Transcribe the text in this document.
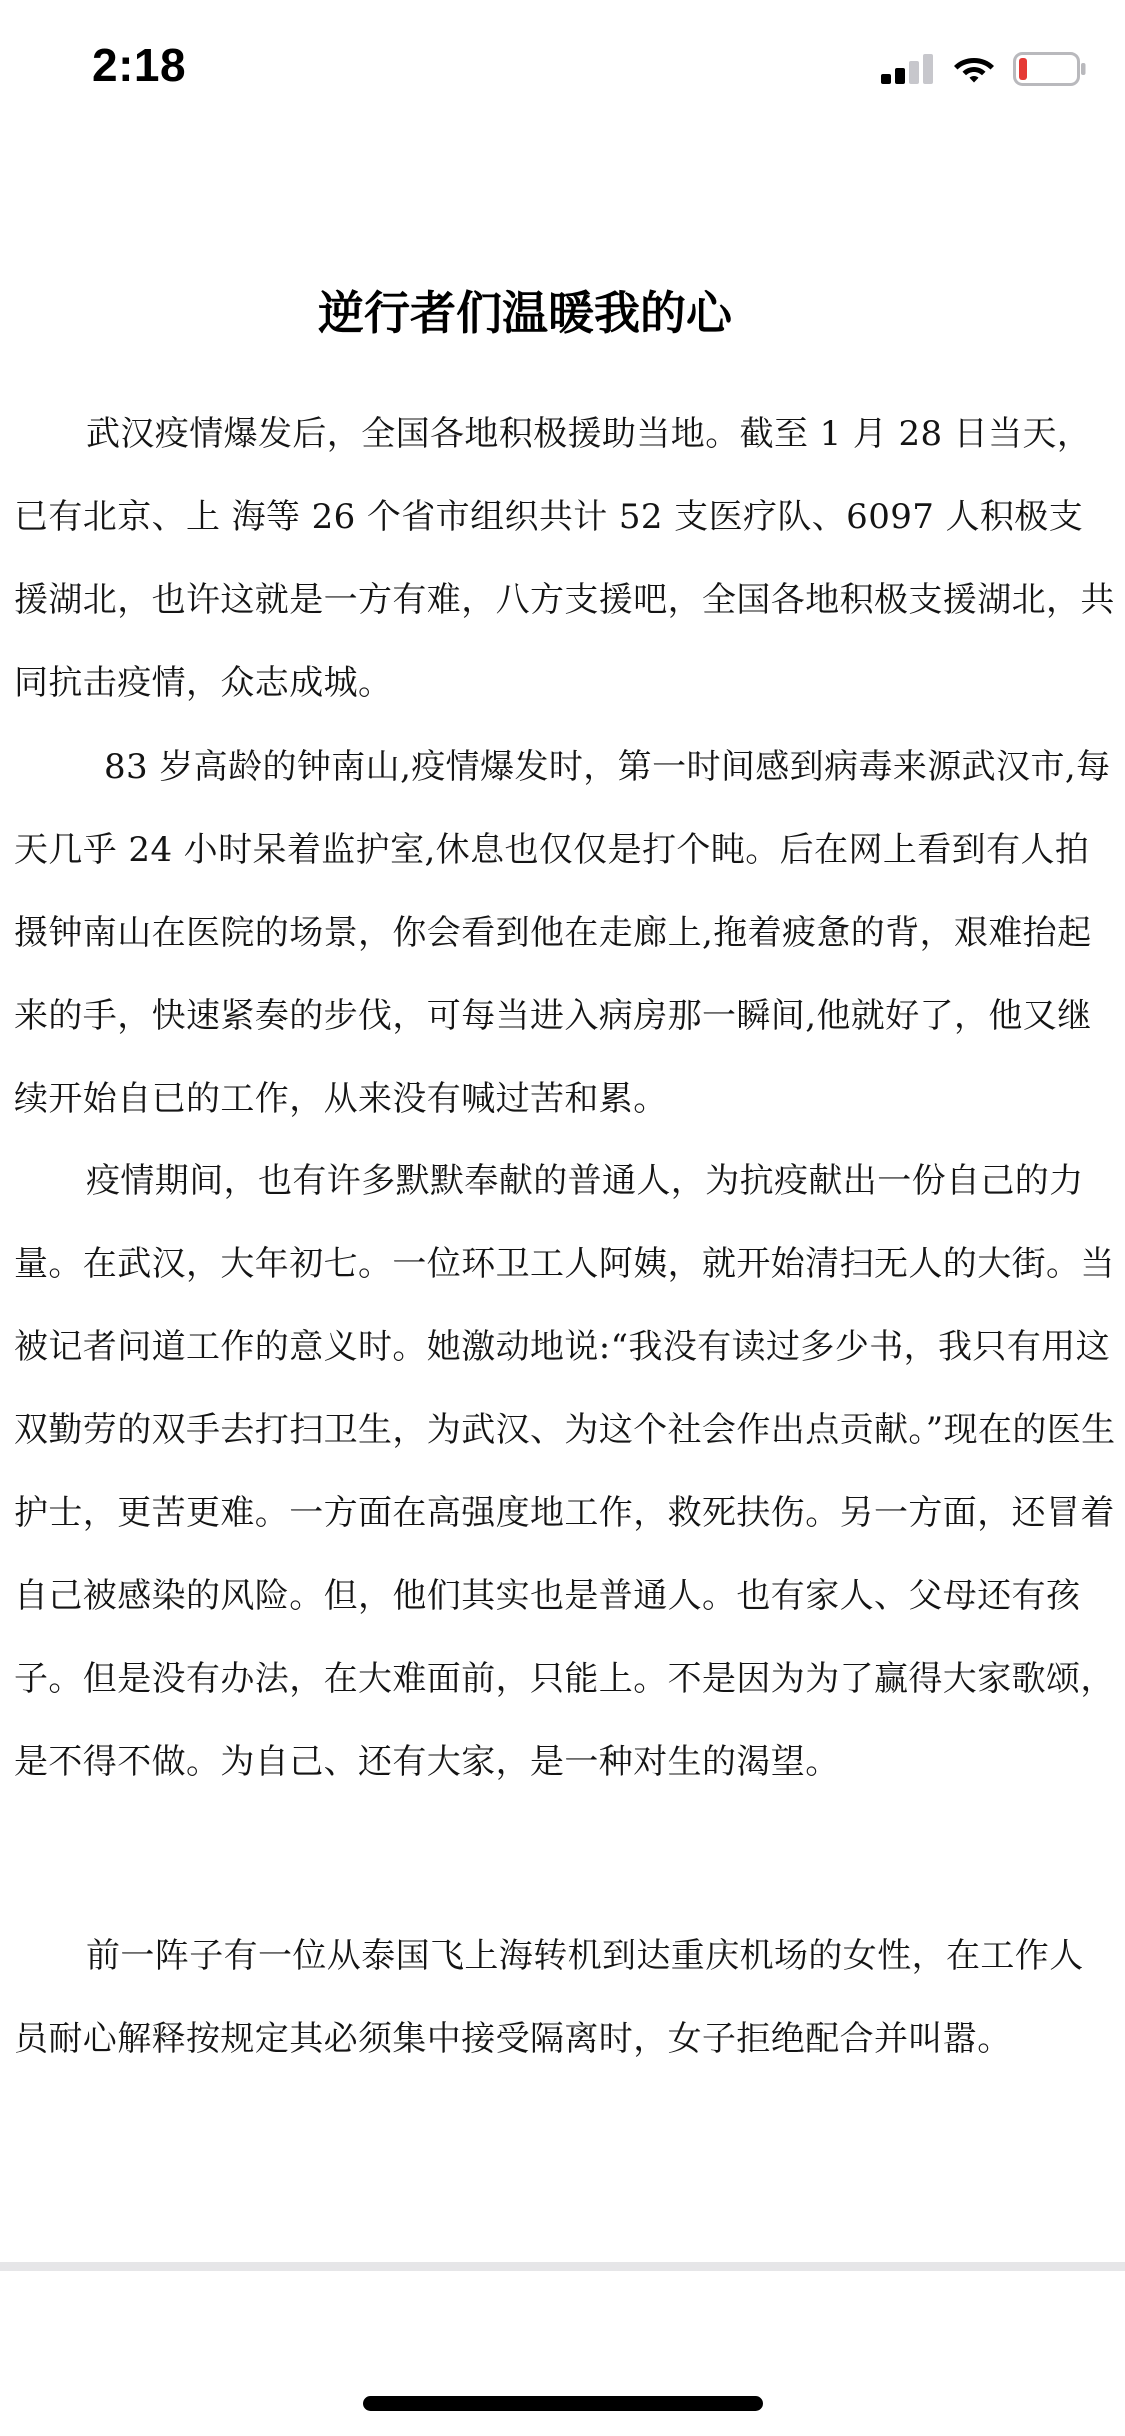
2:18
逆行者们温暖我的心

武汉疫情爆发后，全国各地积极援助当地。截至 1 月 28 日当天，已有北京、上 海等 26 个省市组织共计 52 支医疗队、6097 人积极支援湖北，也许这就是一方有难，八方支援吧，全国各地积极支援湖北，共同抗击疫情，众志成城。

83 岁高龄的钟南山,疫情爆发时，第一时间感到病毒来源武汉市,每天几乎 24 小时呆着监护室,休息也仅仅是打个盹。后在网上看到有人拍摄钟南山在医院的场景，你会看到他在走廊上,拖着疲惫的背，艰难抬起来的手，快速紧奏的步伐，可每当进入病房那一瞬间,他就好了，他又继续开始自已的工作，从来没有喊过苦和累。

疫情期间，也有许多默默奉献的普通人，为抗疫献出一份自己的力量。在武汉，大年初七。一位环卫工人阿姨，就开始清扫无人的大街。当被记者问道工作的意义时。她激动地说:“我没有读过多少书，我只有用这双勤劳的双手去打扫卫生，为武汉、为这个社会作出点贡献。”现在的医生护士，更苦更难。一方面在高强度地工作，救死扶伤。另一方面，还冒着自己被感染的风险。但，他们其实也是普通人。也有家人、父母还有孩子。但是没有办法，在大难面前，只能上。不是因为为了赢得大家歌颂，是不得不做。为自己、还有大家，是一种对生的渴望。

前一阵子有一位从泰国飞上海转机到达重庆机场的女性，在工作人员耐心解释按规定其必须集中接受隔离时，女子拒绝配合并叫嚣。
